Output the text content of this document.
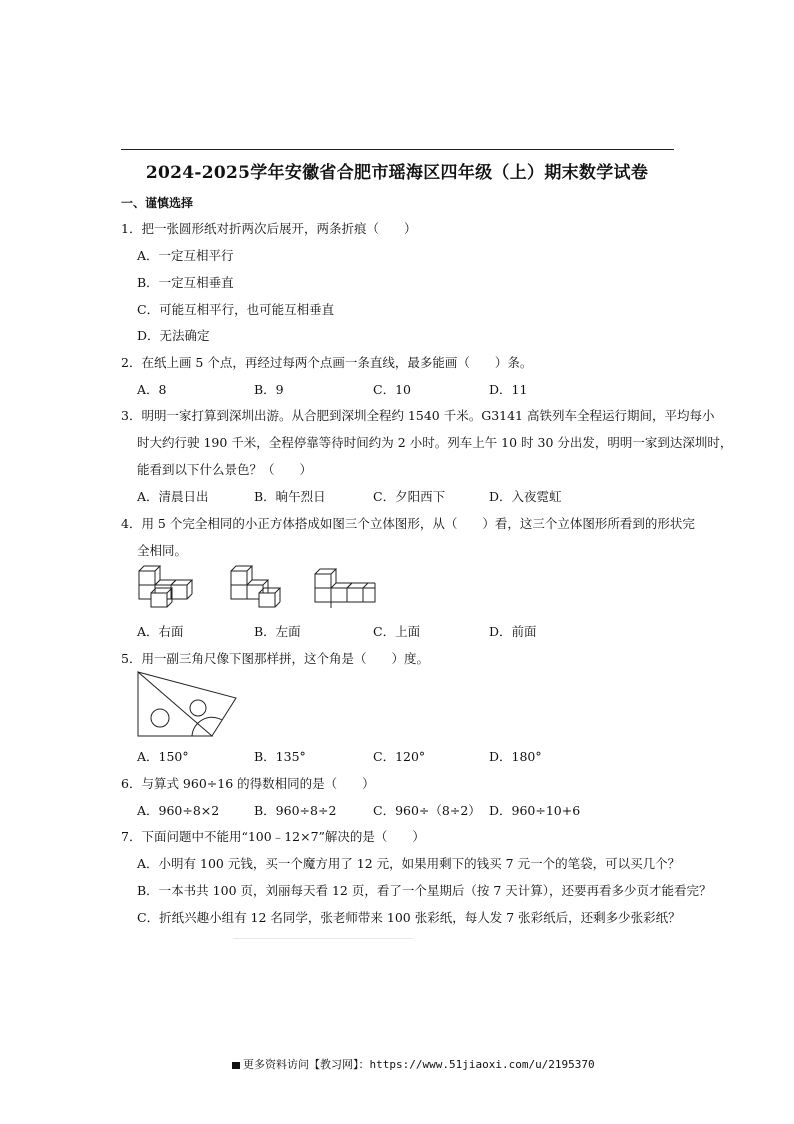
2024-2025学年安徽省合肥市瑶海区四年级（上）期末数学试卷
一、谨慎选择
1．把一张圆形纸对折两次后展开，两条折痕（　　）
A．一定互相平行
B．一定互相垂直
C．可能互相平行，也可能互相垂直
D．无法确定
2．在纸上画 5 个点，再经过每两个点画一条直线，最多能画（　　）条。
A．8	B．9	C．10	D．11
3．明明一家打算到深圳出游。从合肥到深圳全程约 1540 千米。G3141 高铁列车全程运行期间，平均每小
时大约行驶 190 千米，全程停靠等待时间约为 2 小时。列车上午 10 时 30 分出发，明明一家到达深圳时，
能看到以下什么景色？（　　）
A．清晨日出	B．晌午烈日	C．夕阳西下	D．入夜霓虹
4．用 5 个完全相同的小正方体搭成如图三个立体图形，从（　　）看，这三个立体图形所看到的形状完
全相同。
A．右面	B．左面	C．上面	D．前面
5．用一副三角尺像下图那样拼，这个角是（　　）度。
A．150°	B．135°	C．120°	D．180°
6．与算式 960÷16 的得数相同的是（　　）
A．960÷8×2	B．960÷8÷2	C．960÷（8÷2） D．960÷10+6
7．下面问题中不能用“100﹣12×7”解决的是（　　）
A．小明有 100 元钱，买一个魔方用了 12 元，如果用剩下的钱买 7 元一个的笔袋，可以买几个？
B．一本书共 100 页，刘丽每天看 12 页，看了一个星期后（按 7 天计算），还要再看多少页才能看完？
C．折纸兴趣小组有 12 名同学，张老师带来 100 张彩纸，每人发 7 张彩纸后，还剩多少张彩纸？
更多资料访问【教习网】：https://www.51jiaoxi.com/u/2195370
